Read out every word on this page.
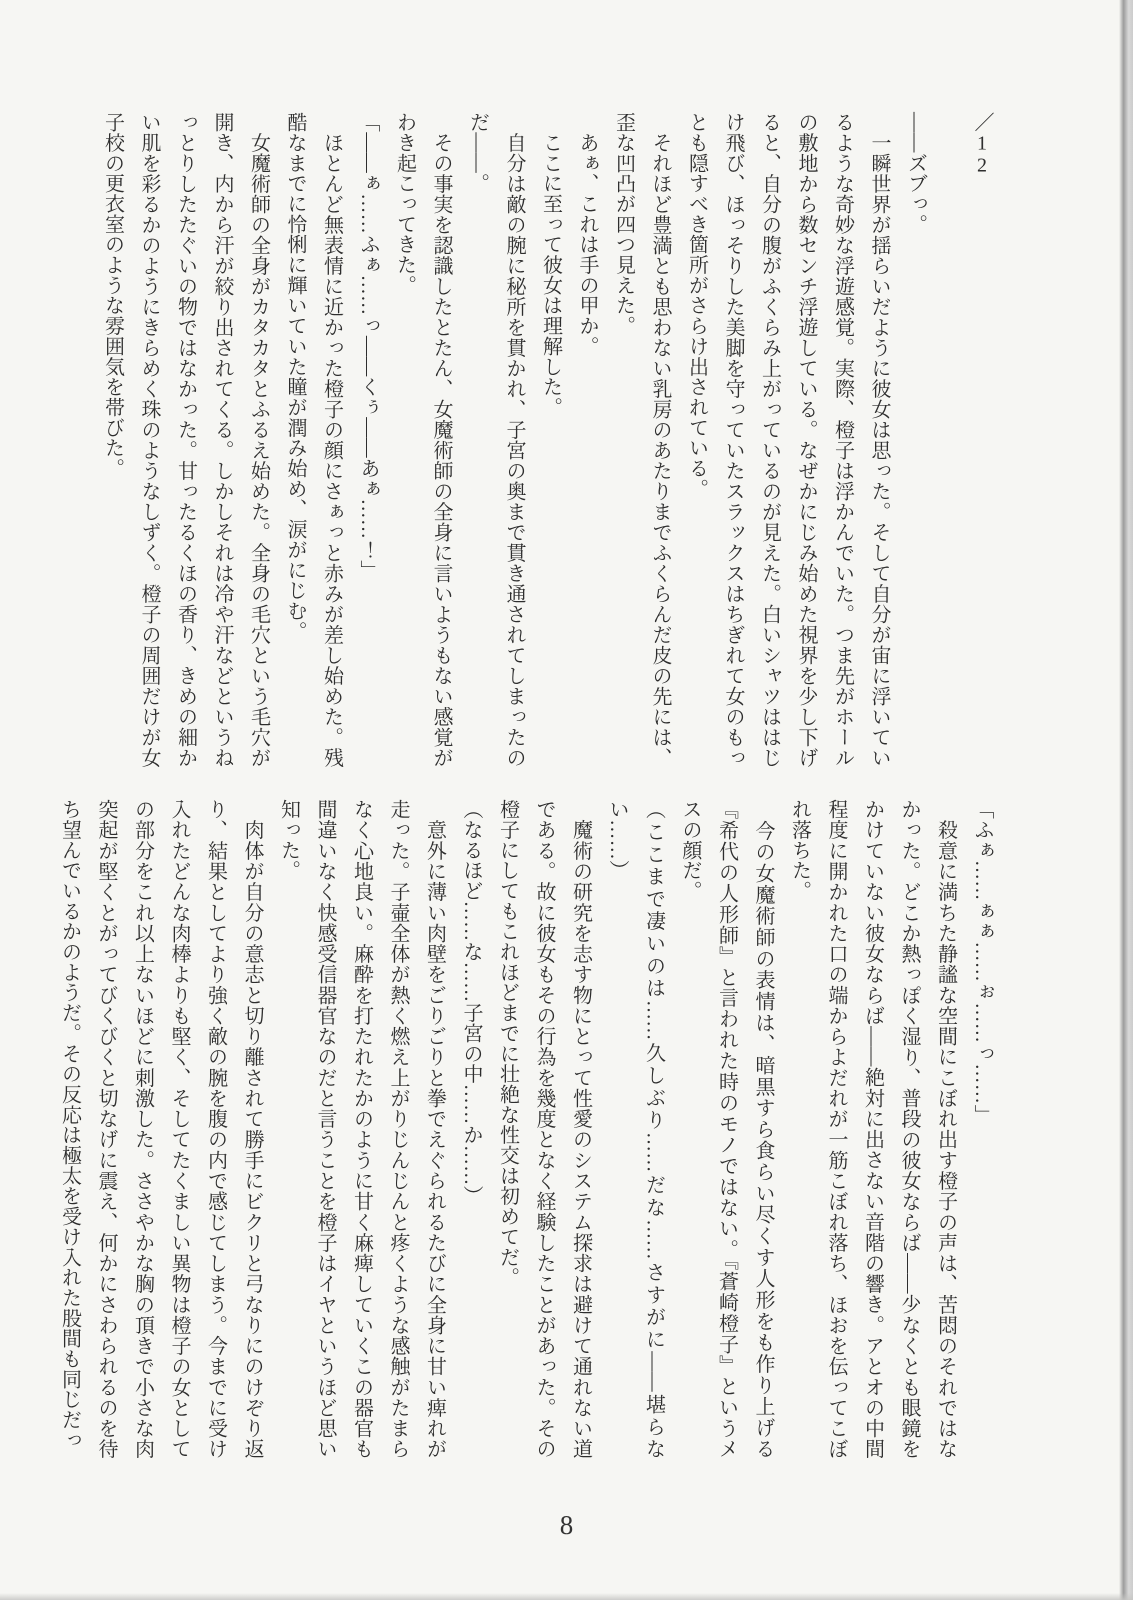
／12

――ズブっ。

　一瞬世界が揺らいだように彼女は思った。そして自分が宙に浮いているような奇妙な浮遊感覚。実際、橙子は浮かんでいた。つま先がホールの敷地から数センチ浮遊している。なぜかにじみ始めた視界を少し下げると、自分の腹がふくらみ上がっているのが見えた。白いシャツははじけ飛び、ほっそりした美脚を守っていたスラックスはちぎれて女のもっとも隠すべき箇所がさらけ出されている。

　それほど豊満とも思わない乳房のあたりまでふくらんだ皮の先には、歪な凹凸が四つ見えた。

　あぁ、これは手の甲か。

　ここに至って彼女は理解した。

　自分は敵の腕に秘所を貫かれ、子宮の奥まで貫き通されてしまったのだ――。

　その事実を認識したとたん、女魔術師の全身に言いようもない感覚がわき起こってきた。

「――ぁ……ふぁ……っ――くぅ――あぁ……！」

　ほとんど無表情に近かった橙子の顔にさぁっと赤みが差し始めた。残酷なまでに怜悧に輝いていた瞳が潤み始め、涙がにじむ。

　女魔術師の全身がカタカタとふるえ始めた。全身の毛穴という毛穴が開き、内から汗が絞り出されてくる。しかしそれは冷や汗などというねっとりしたたぐいの物ではなかった。甘ったるくほの香り、きめの細かい肌を彩るかのようにきらめく珠のようなしずく。橙子の周囲だけが女子校の更衣室のような雰囲気を帯びた。

「ふぁ……ぁぁ……ぉ……っ……」

　殺意に満ちた静謐な空間にこぼれ出す橙子の声は、苦悶のそれではなかった。どこか熱っぽく湿り、普段の彼女ならば――少なくとも眼鏡をかけていない彼女ならば――絶対に出さない音階の響き。アとオの中間程度に開かれた口の端からよだれが一筋こぼれ落ち、ほおを伝ってこぼれ落ちた。

　今の女魔術師の表情は、暗黒すら食らい尽くす人形をも作り上げる『希代の人形師』と言われた時のモノではない。『蒼崎橙子』というメスの顔だ。

（ここまで凄いのは……久しぶり……だな……さすがに――堪らない……）

　魔術の研究を志す物にとって性愛のシステム探求は避けて通れない道である。故に彼女もその行為を幾度となく経験したことがあった。その橙子にしてもこれほどまでに壮絶な性交は初めてだ。

（なるほど……な……子宮の中……か……）

　意外に薄い肉壁をごりごりと拳でえぐられるたびに全身に甘い痺れが走った。子壷全体が熱く燃え上がりじんじんと疼くような感触がたまらなく心地良い。麻酔を打たれたかのように甘く麻痺していくこの器官も間違いなく快感受信器官なのだと言うことを橙子はイヤというほど思い知った。

　肉体が自分の意志と切り離されて勝手にビクリと弓なりにのけぞり返り、結果としてより強く敵の腕を腹の内で感じてしまう。今までに受け入れたどんな肉棒よりも堅く、そしてたくましい異物は橙子の女としての部分をこれ以上ないほどに刺激した。ささやかな胸の頂きで小さな肉突起が堅くとがってびくびくと切なげに震え、何かにさわられるのを待ち望んでいるかのようだ。その反応は極太を受け入れた股間も同じだっ

8
